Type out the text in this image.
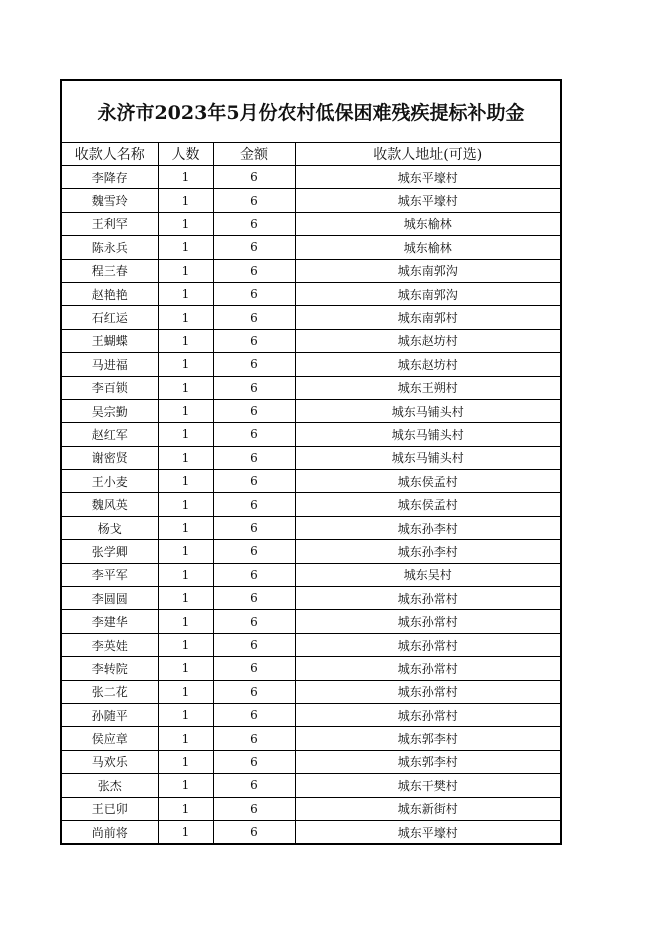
永济市2023年5月份农村低保困难残疾提标补助金
收款人名称	人数	金额	收款人地址(可选)
李降存	1	6	城东平壕村
魏雪玲	1	6	城东平壕村
王利罕	1	6	城东榆林
陈永兵	1	6	城东榆林
程三春	1	6	城东南郭沟
赵艳艳	1	6	城东南郭沟
石红运	1	6	城东南郭村
王蝴蝶	1	6	城东赵坊村
马进福	1	6	城东赵坊村
李百锁	1	6	城东王朔村
吴宗勤	1	6	城东马铺头村
赵红军	1	6	城东马铺头村
谢密贤	1	6	城东马铺头村
王小麦	1	6	城东侯孟村
魏风英	1	6	城东侯孟村
杨戈	1	6	城东孙李村
张学卿	1	6	城东孙李村
李平军	1	6	城东吴村
李圆圆	1	6	城东孙常村
李建华	1	6	城东孙常村
李英娃	1	6	城东孙常村
李转院	1	6	城东孙常村
张二花	1	6	城东孙常村
孙随平	1	6	城东孙常村
侯应章	1	6	城东郭李村
马欢乐	1	6	城东郭李村
张杰	1	6	城东干樊村
王已卯	1	6	城东新街村
尚前将	1	6	城东平壕村
